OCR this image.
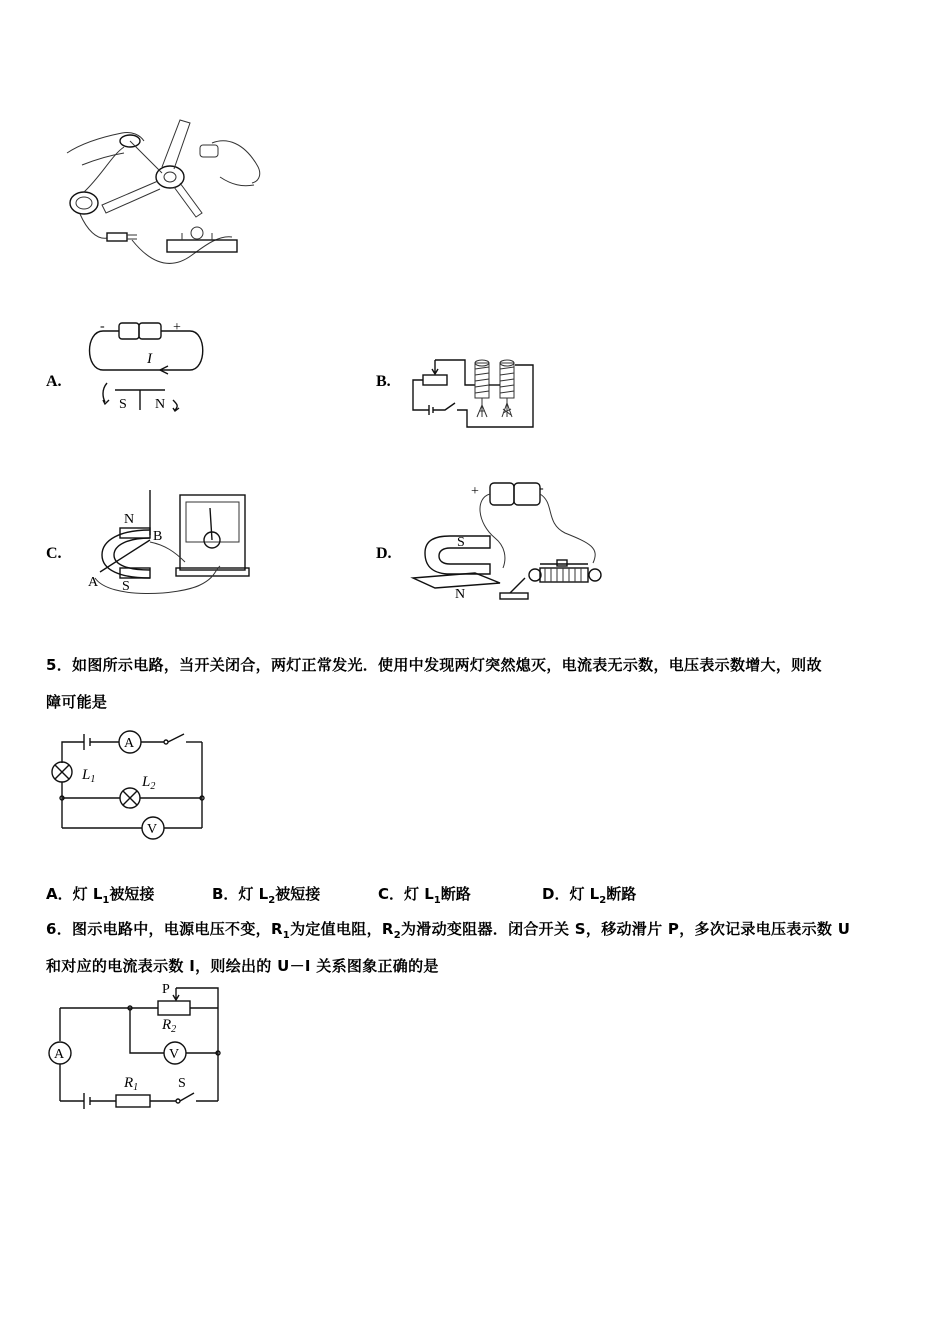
A.
-	+
I
S N
B.
C.
N
S
B
A
D.
+	-
S
N
5．如图所示电路，当开关闭合，两灯正常发光．使用中发现两灯突然熄灭，电流表无示数，电压表示数增大，则故
障可能是
A
$L_1$	$L_2$
V
A．灯 $L_1$被短接	B．灯 $L_2$被短接	C．灯 $L_1$断路	D．灯 $L_2$断路
6．图示电路中，电源电压不变，$R_1$为定值电阻，$R_2$为滑动变阻器．闭合开关 S，移动滑片 P，多次记录电压表示数 U
和对应的电流表示数 I，则绘出的 U－I 关系图象正确的是
A
P
$R_2$
V
$R_1$	S
